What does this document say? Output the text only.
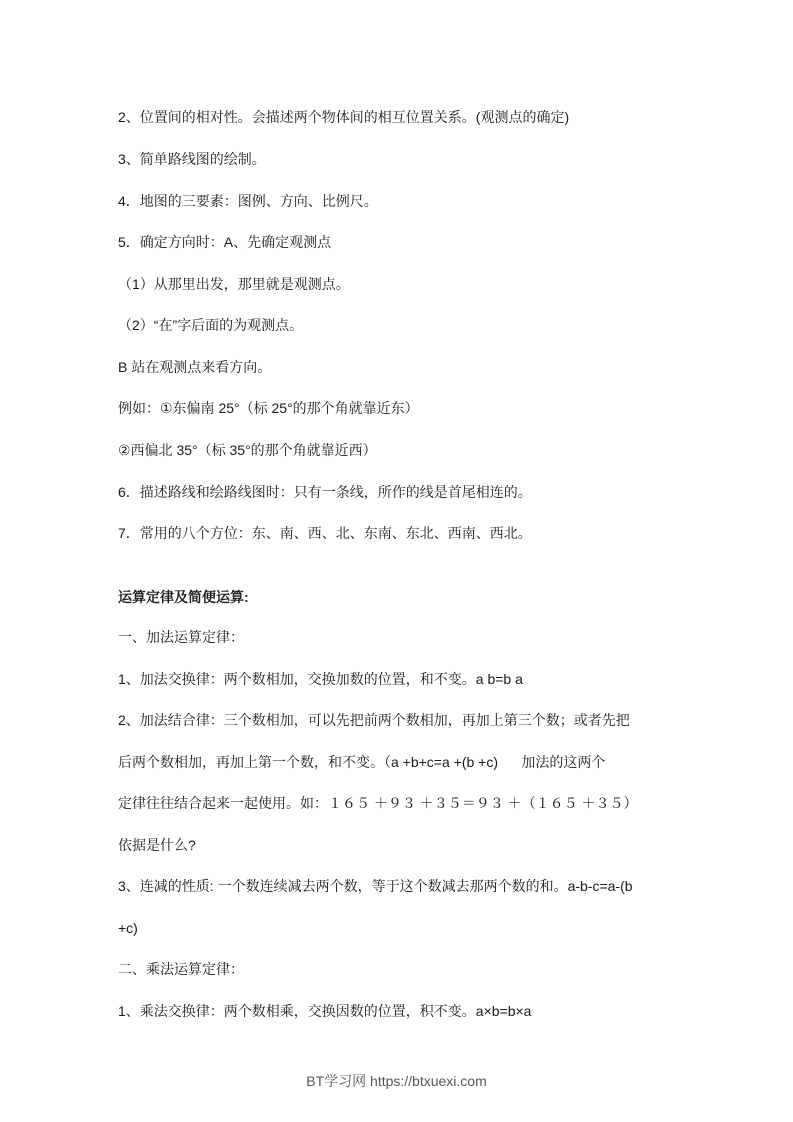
2、位置间的相对性。会描述两个物体间的相互位置关系。(观测点的确定)
3、简单路线图的绘制。
4．地图的三要素：图例、方向、比例尺。
5．确定方向时：A、先确定观测点
（1）从那里出发，那里就是观测点。
（2）“在”字后面的为观测点。
B 站在观测点来看方向。
例如：①东偏南 25°（标 25°的那个角就靠近东）
②西偏北 35°（标 35°的那个角就靠近西）
6．描述路线和绘路线图时：只有一条线，所作的线是首尾相连的。
7．常用的八个方位：东、南、西、北、东南、东北、西南、西北。
运算定律及简便运算:
一、加法运算定律：
1、加法交换律：两个数相加，交换加数的位置，和不变。a b=b a
2、加法结合律：三个数相加，可以先把前两个数相加，再加上第三个数；或者先把
后两个数相加，再加上第一个数，和不变。（a +b+c=a +(b +c)      加法的这两个
定律往往结合起来一起使用。如：１６５ ＋９３ ＋３５＝９３ ＋（１６５ ＋３５）
依据是什么?
3、连减的性质: 一个数连续减去两个数，等于这个数减去那两个数的和。a-b-c=a-(b
+c)
二、乘法运算定律：
1、乘法交换律：两个数相乘，交换因数的位置，积不变。a×b=b×a
BT学习网 https://btxuexi.com
